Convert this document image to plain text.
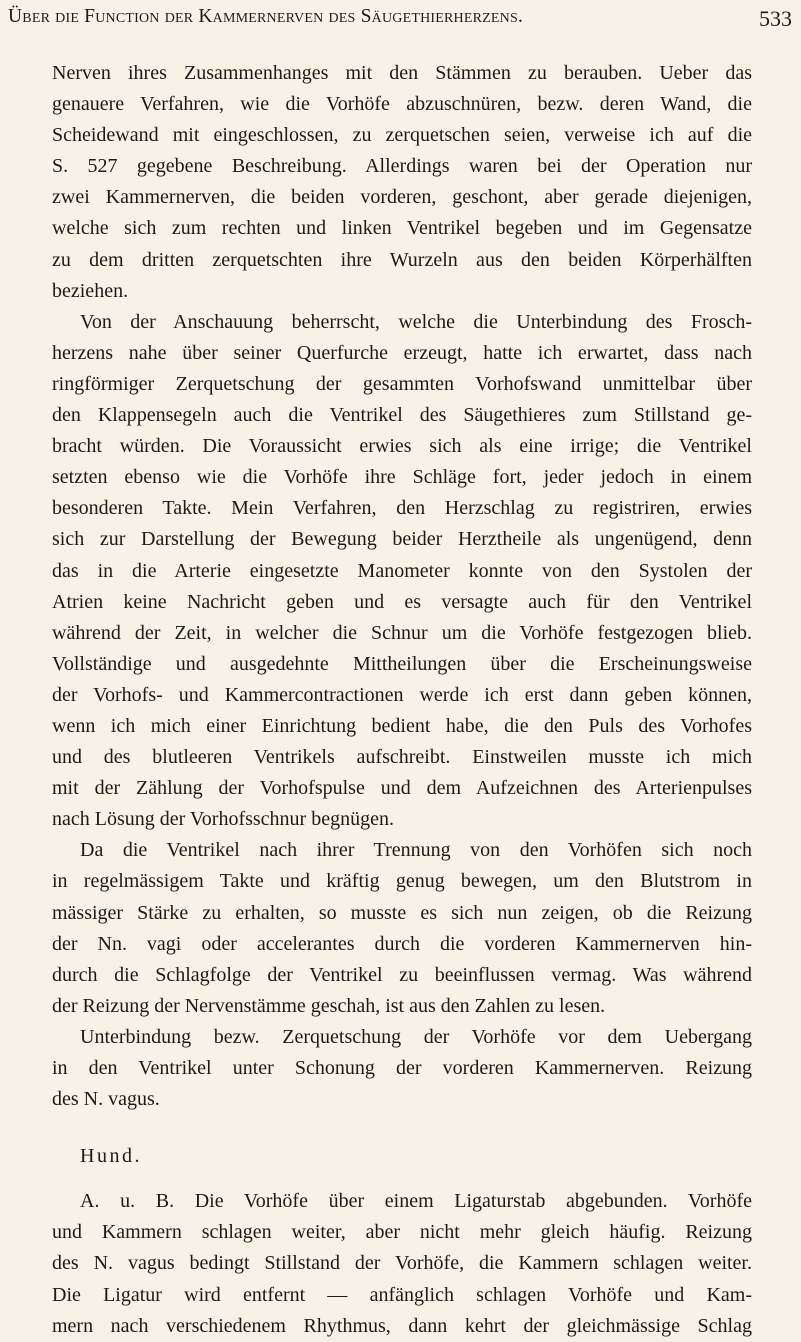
Über die Function der Kammernerven des Säugethierherzens.	533
Nerven ihres Zusammenhanges mit den Stämmen zu berauben. Ueber das
genauere Verfahren, wie die Vorhöfe abzuschnüren, bezw. deren Wand, die
Scheidewand mit eingeschlossen, zu zerquetschen seien, verweise ich auf die
S. 527 gegebene Beschreibung. Allerdings waren bei der Operation nur
zwei Kammernerven, die beiden vorderen, geschont, aber gerade diejenigen,
welche sich zum rechten und linken Ventrikel begeben und im Gegensatze
zu dem dritten zerquetschten ihre Wurzeln aus den beiden Körperhälften
beziehen.
Von der Anschauung beherrscht, welche die Unterbindung des Frosch-
herzens nahe über seiner Querfurche erzeugt, hatte ich erwartet, dass nach
ringförmiger Zerquetschung der gesammten Vorhofswand unmittelbar über
den Klappensegeln auch die Ventrikel des Säugethieres zum Stillstand ge-
bracht würden. Die Voraussicht erwies sich als eine irrige; die Ventrikel
setzten ebenso wie die Vorhöfe ihre Schläge fort, jeder jedoch in einem
besonderen Takte. Mein Verfahren, den Herzschlag zu registriren, erwies
sich zur Darstellung der Bewegung beider Herztheile als ungenügend, denn
das in die Arterie eingesetzte Manometer konnte von den Systolen der
Atrien keine Nachricht geben und es versagte auch für den Ventrikel
während der Zeit, in welcher die Schnur um die Vorhöfe festgezogen blieb.
Vollständige und ausgedehnte Mittheilungen über die Erscheinungsweise
der Vorhofs- und Kammercontractionen werde ich erst dann geben können,
wenn ich mich einer Einrichtung bedient habe, die den Puls des Vorhofes
und des blutleeren Ventrikels aufschreibt. Einstweilen musste ich mich
mit der Zählung der Vorhofspulse und dem Aufzeichnen des Arterienpulses
nach Lösung der Vorhofsschnur begnügen.
Da die Ventrikel nach ihrer Trennung von den Vorhöfen sich noch
in regelmässigem Takte und kräftig genug bewegen, um den Blutstrom in
mässiger Stärke zu erhalten, so musste es sich nun zeigen, ob die Reizung
der Nn. vagi oder accelerantes durch die vorderen Kammernerven hin-
durch die Schlagfolge der Ventrikel zu beeinflussen vermag. Was während
der Reizung der Nervenstämme geschah, ist aus den Zahlen zu lesen.
Unterbindung bezw. Zerquetschung der Vorhöfe vor dem Uebergang
in den Ventrikel unter Schonung der vorderen Kammernerven. Reizung
des N. vagus.
Hund.
A. u. B. Die Vorhöfe über einem Ligaturstab abgebunden. Vorhöfe
und Kammern schlagen weiter, aber nicht mehr gleich häufig. Reizung
des N. vagus bedingt Stillstand der Vorhöfe, die Kammern schlagen weiter.
Die Ligatur wird entfernt — anfänglich schlagen Vorhöfe und Kam-
mern nach verschiedenem Rhythmus, dann kehrt der gleichmässige Schlag
